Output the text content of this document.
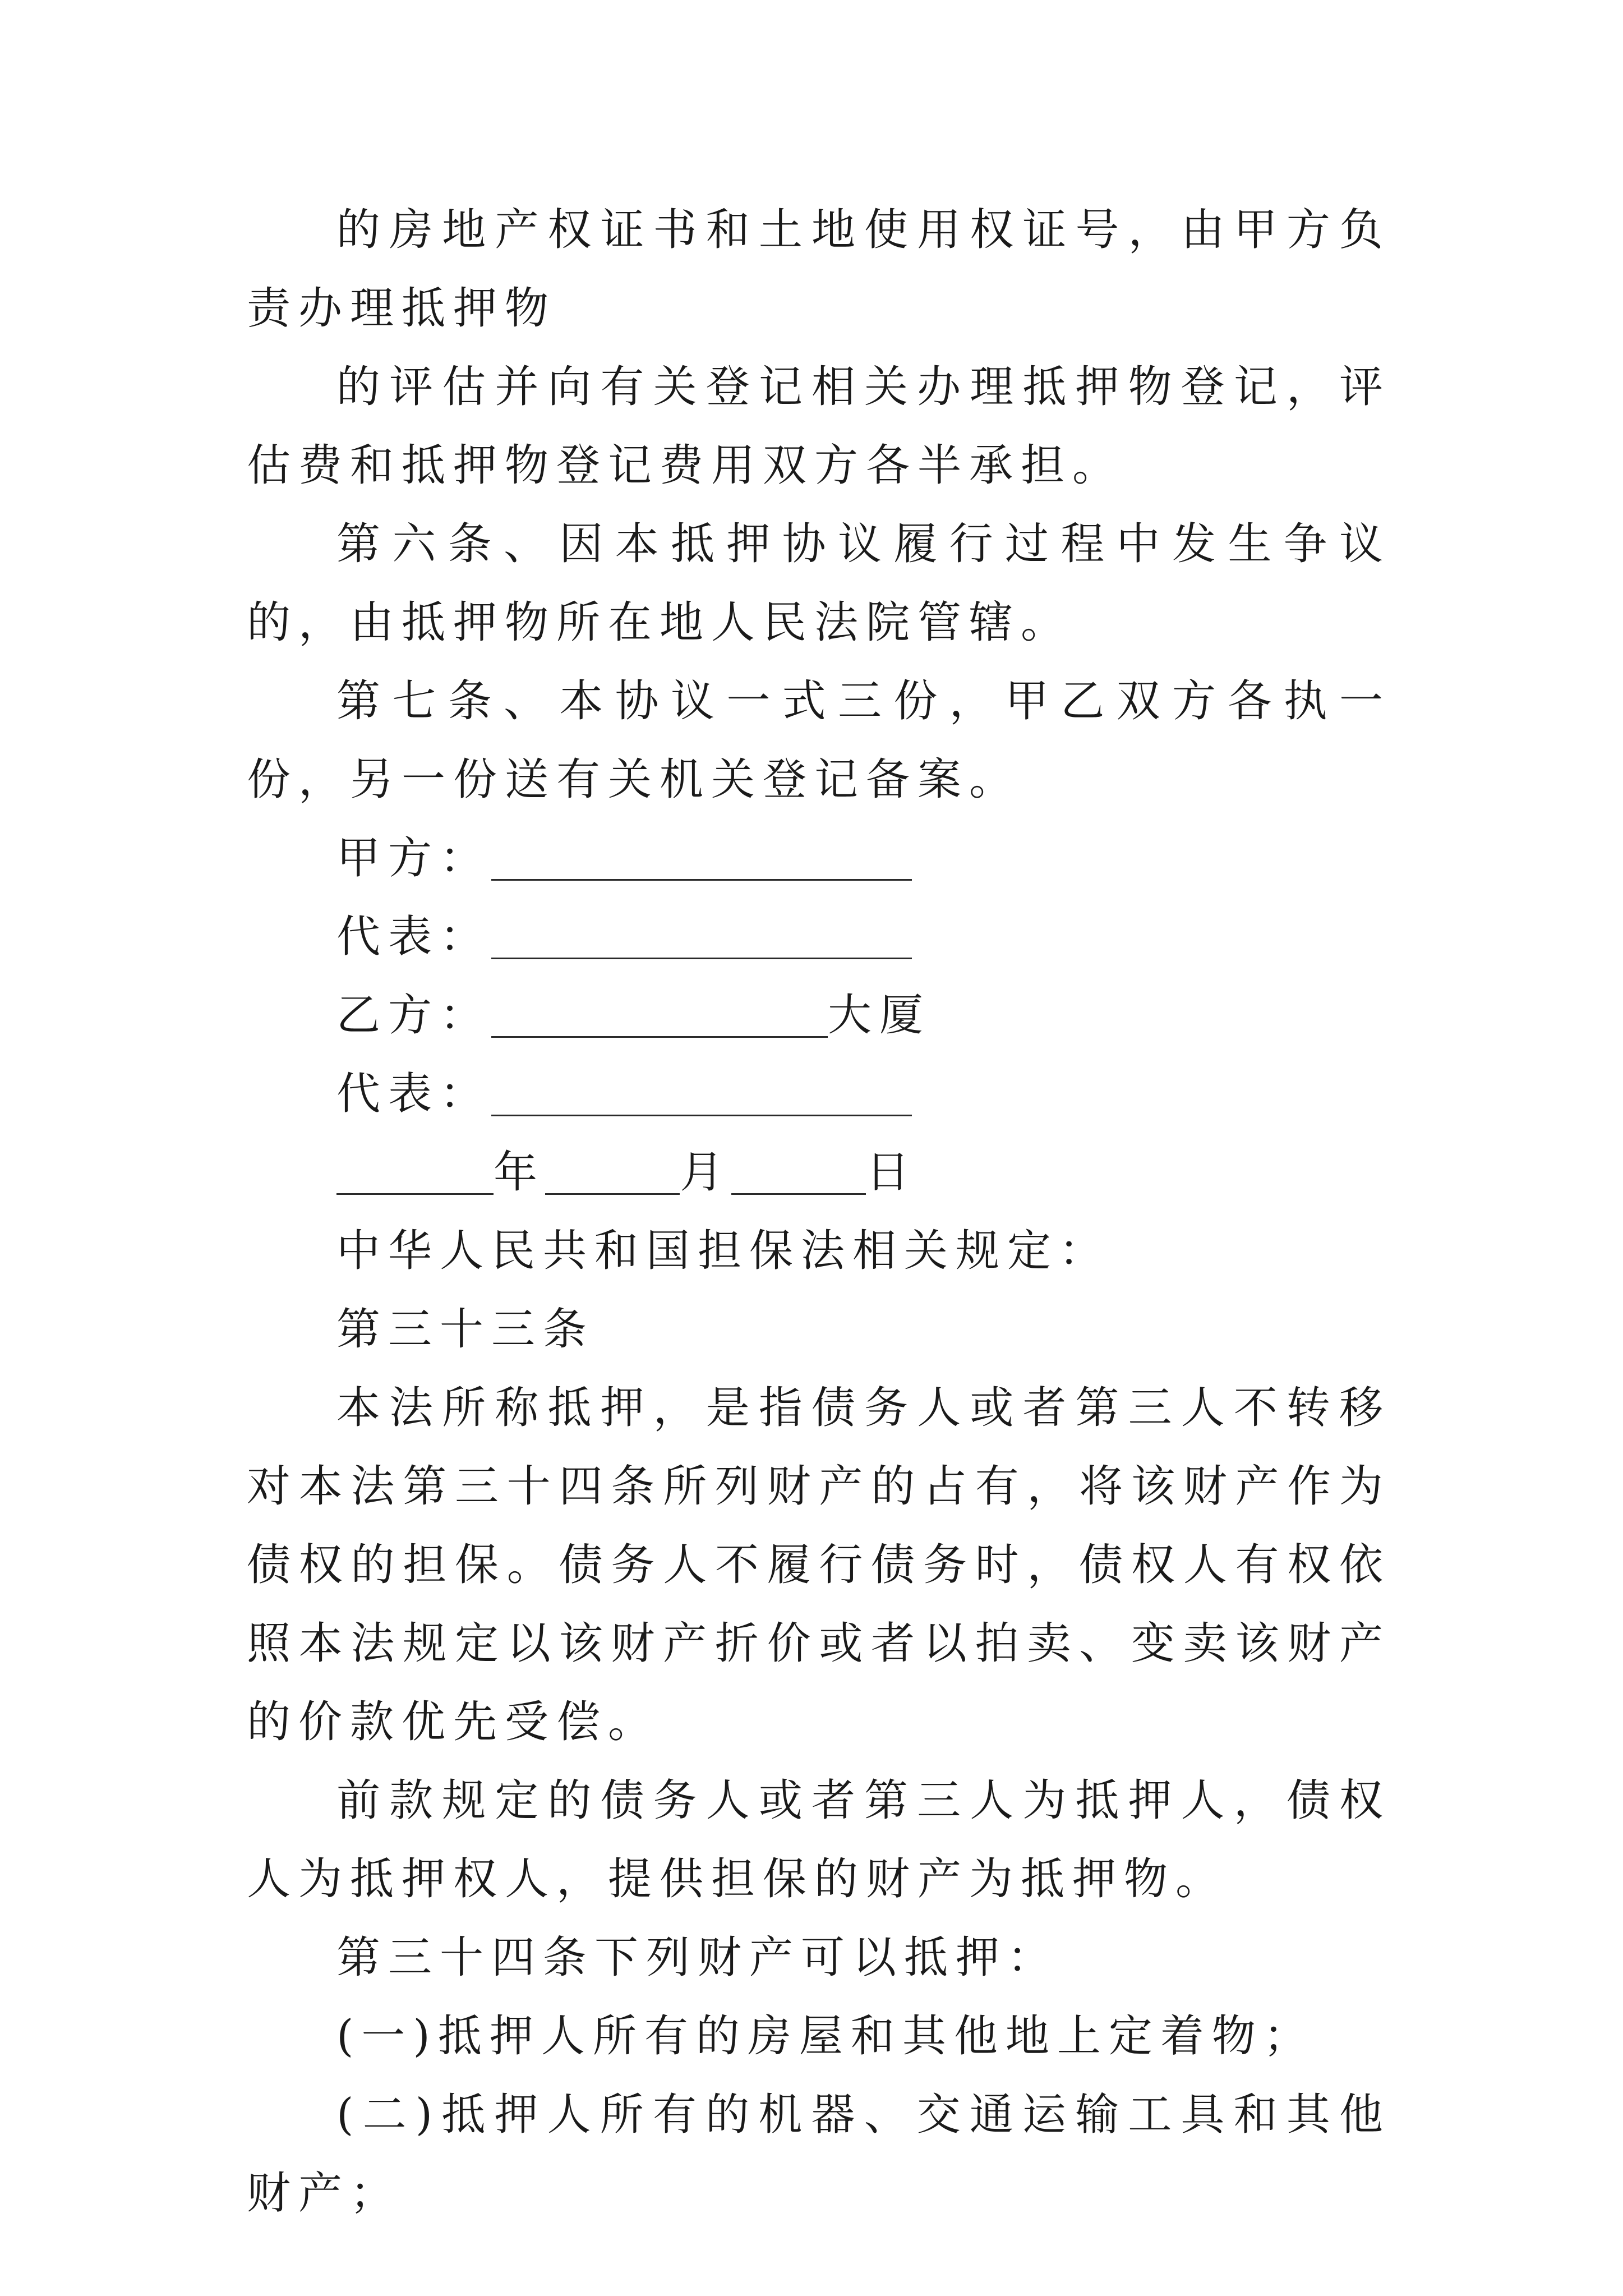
的房地产权证书和土地使用权证号，由甲方负责办理抵押物

的评估并向有关登记相关办理抵押物登记，评估费和抵押物登记费用双方各半承担。

第六条、因本抵押协议履行过程中发生争议的，由抵押物所在地人民法院管辖。

第七条、本协议一式三份，甲乙双方各执一份，另一份送有关机关登记备案。

甲方：

代表：

乙方：	大厦

代表：

年	月	日

中华人民共和国担保法相关规定：

第三十三条

本法所称抵押，是指债务人或者第三人不转移对本法第三十四条所列财产的占有，将该财产作为债权的担保。债务人不履行债务时，债权人有权依照本法规定以该财产折价或者以拍卖、变卖该财产的价款优先受偿。

前款规定的债务人或者第三人为抵押人，债权人为抵押权人，提供担保的财产为抵押物。

第三十四条下列财产可以抵押：

(一)抵押人所有的房屋和其他地上定着物；

(二)抵押人所有的机器、交通运输工具和其他财产；
